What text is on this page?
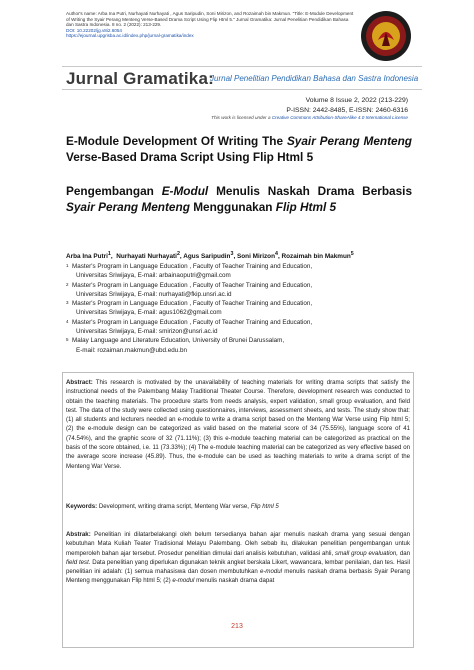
Author's name: Arba Ina Putri, Nurhayati Nurhayati , Agus Saripudin, Soni Mirizon, and Rozaimah bin Makmun. "Title: E-Module Development of Writing the Syair Perang Menteng Verse-Based Drama Script Using Flip Html 5." Jurnal Gramatika: Jurnal Penelitian Pendidikan Bahasa dan Sastra Indonesia. 8 no. 2 (2022): 213-229.
DOI: 10.22202/jg.v8i2.6054
https://ejournal.upgrisba.ac.id/index.php/jurnal-gramatika/index
Jurnal Gramatika:
Jurnal Penelitian Pendidikan Bahasa dan Sastra Indonesia
Volume 8 Issue 2, 2022 (213-229)
P-ISSN: 2442-8485, E-ISSN: 2460-6316
This work is licensed under a Creative Commons Attribution-ShareAlike 4.0 International License
E-Module Development Of Writing The Syair Perang Menteng Verse-Based Drama Script Using Flip Html 5
Pengembangan E-Modul Menulis Naskah Drama Berbasis Syair Perang Menteng Menggunakan Flip Html 5
Arba Ina Putri$^1$,  Nurhayati Nurhayati$^2$, Agus Saripudin$^3$, Soni Mirizon$^4$, Rozaimah bin Makmun$^5$
1 Master's Program in Language Education , Faculty of Teacher Training and Education,
Universitas Sriwijaya, E-mail: arbainaoputri@gmail.com
2 Master's Program in Language Education , Faculty of Teacher Training and Education,
Universitas Sriwijaya, E-mail: nurhayati@fkip.unsri.ac.id
3 Master's Program in Language Education , Faculty of Teacher Training and Education,
Universitas Sriwijaya, E-mail: agus1062@gmail.com
4 Master's Program in Language Education , Faculty of Teacher Training and Education,
Universitas Sriwijaya, E-mail: smirizon@unsri.ac.id
5 Malay Language and Literature Education, University of Brunei Darussalam,
E-mail: rozaiman.makmun@ubd.edu.bn
Abstract: This research is motivated by the unavailability of teaching materials for writing drama scripts that satisfy the instructional needs of the Palembang Malay Traditional Theater Course. Therefore, development research was conducted to obtain the teaching materials. The procedure starts from needs analysis, expert validation, small group evaluation, and field test. The data of the study were collected using questionnaires, interviews, assessment sheets, and tests. The study show that: (1) all students and lecturers needed an e-module to write a drama script based on the Menteng War Verse using Flip html 5; (2) the e-module design can be categorized as valid based on the material score of 34 (75.55%), language score of 41 (74.54%), and the graphic score of 32 (71.11%); (3) this e-module teaching material can be categorized as practical on the basis of the score obtained, i.e. 11 (73.33%); (4) The e-module teaching material can be categorized as very effective based on the average score increase (45.89). Thus, the e-module can be used as teaching materials to write a drama script of the Menteng War Verse.
Keywords: Development, writing drama script, Menteng War verse, Flip html 5
Abstrak: Penelitian ini dilatarbelakangi oleh belum tersedianya bahan ajar menulis naskah drama yang sesuai dengan kebutuhan Mata Kuliah Teater Tradisional Melayu Palembang. Oleh sebab itu, dilakukan penelitian pengembangan untuk memperoleh bahan ajar tersebut. Prosedur penelitian dimulai dari analisis kebutuhan, validasi ahli, small group evaluation, dan field test. Data penelitian yang diperlukan digunakan teknik angket berskala Likert, wawancara, lembar penilaian, dan tes. Hasil penelitian ini adalah: (1) semua mahasiswa dan dosen membutuhkan e-modul menulis naskah drama berbasis Syair Perang Menteng menggunakan Flip html 5; (2) e-modul menulis naskah drama dapat
213
